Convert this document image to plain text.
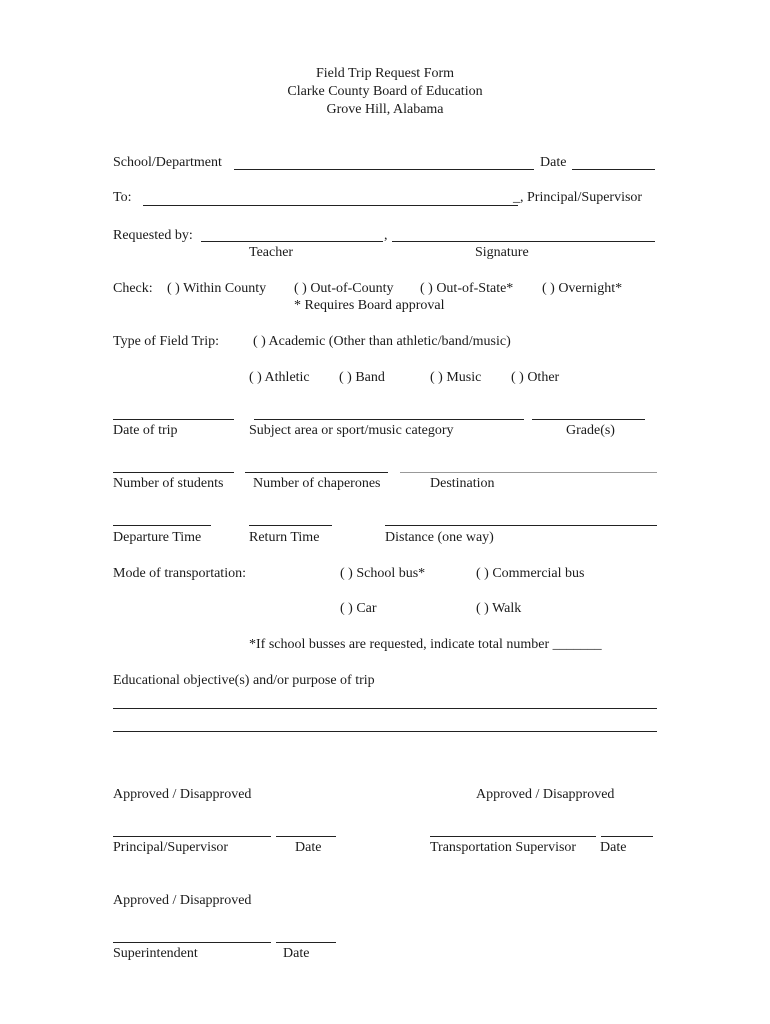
Field Trip Request Form
Clarke County Board of Education
Grove Hill, Alabama
School/Department	Date
To:	_, Principal/Supervisor
Requested by:	,
Teacher	Signature
Check: ( ) Within County ( ) Out-of-County ( ) Out-of-State* ( ) Overnight*
* Requires Board approval
Type of Field Trip: ( ) Academic (Other than athletic/band/music)
( ) Athletic ( ) Band	( ) Music ( ) Other
Date of trip	Subject area or sport/music category	Grade(s)
Number of students Number of chaperones	Destination
Departure Time	Return Time	Distance (one way)
Mode of transportation:	( ) School bus*	( ) Commercial bus
( ) Car	( ) Walk
*If school busses are requested, indicate total number _______
Educational objective(s) and/or purpose of trip
Approved / Disapproved	Approved / Disapproved
Principal/Supervisor	Date	Transportation Supervisor Date
Approved / Disapproved
Superintendent	Date
